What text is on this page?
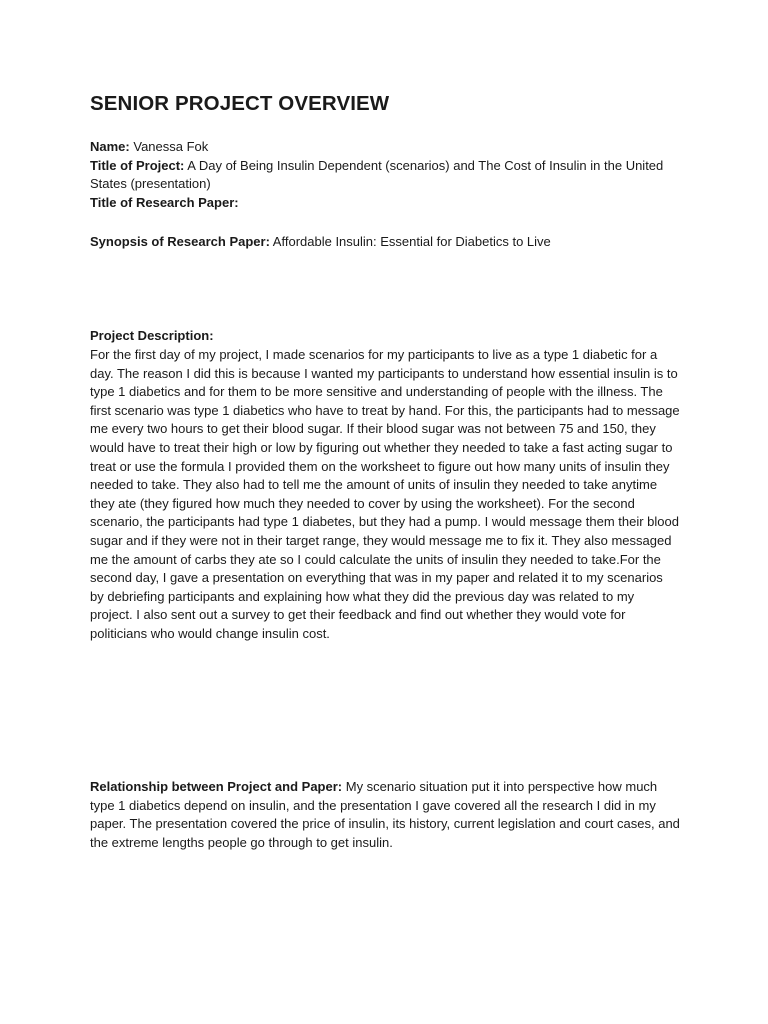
SENIOR PROJECT OVERVIEW

Name: Vanessa Fok

Title of Project: A Day of Being Insulin Dependent (scenarios) and The Cost of Insulin in the United States (presentation)

Title of Research Paper:

Synopsis of Research Paper: Affordable Insulin: Essential for Diabetics to Live

Project Description:

For the first day of my project, I made scenarios for my participants to live as a type 1 diabetic for a day. The reason I did this is because I wanted my participants to understand how essential insulin is to type 1 diabetics and for them to be more sensitive and understanding of people with the illness. The first scenario was type 1 diabetics who have to treat by hand. For this, the participants had to message me every two hours to get their blood sugar. If their blood sugar was not between 75 and 150, they would have to treat their high or low by figuring out whether they needed to take a fast acting sugar to treat or use the formula I provided them on the worksheet to figure out how many units of insulin they needed to take. They also had to tell me the amount of units of insulin they needed to take anytime they ate (they figured how much they needed to cover by using the worksheet). For the second scenario, the participants had type 1 diabetes, but they had a pump. I would message them their blood sugar and if they were not in their target range, they would message me to fix it. They also messaged me the amount of carbs they ate so I could calculate the units of insulin they needed to take.For the second day, I gave a presentation on everything that was in my paper and related it to my scenarios by debriefing participants and explaining how what they did the previous day was related to my project. I also sent out a survey to get their feedback and find out whether they would vote for politicians who would change insulin cost.

Relationship between Project and Paper: My scenario situation put it into perspective how much type 1 diabetics depend on insulin, and the presentation I gave covered all the research I did in my paper. The presentation covered the price of insulin, its history, current legislation and court cases, and the extreme lengths people go through to get insulin.
